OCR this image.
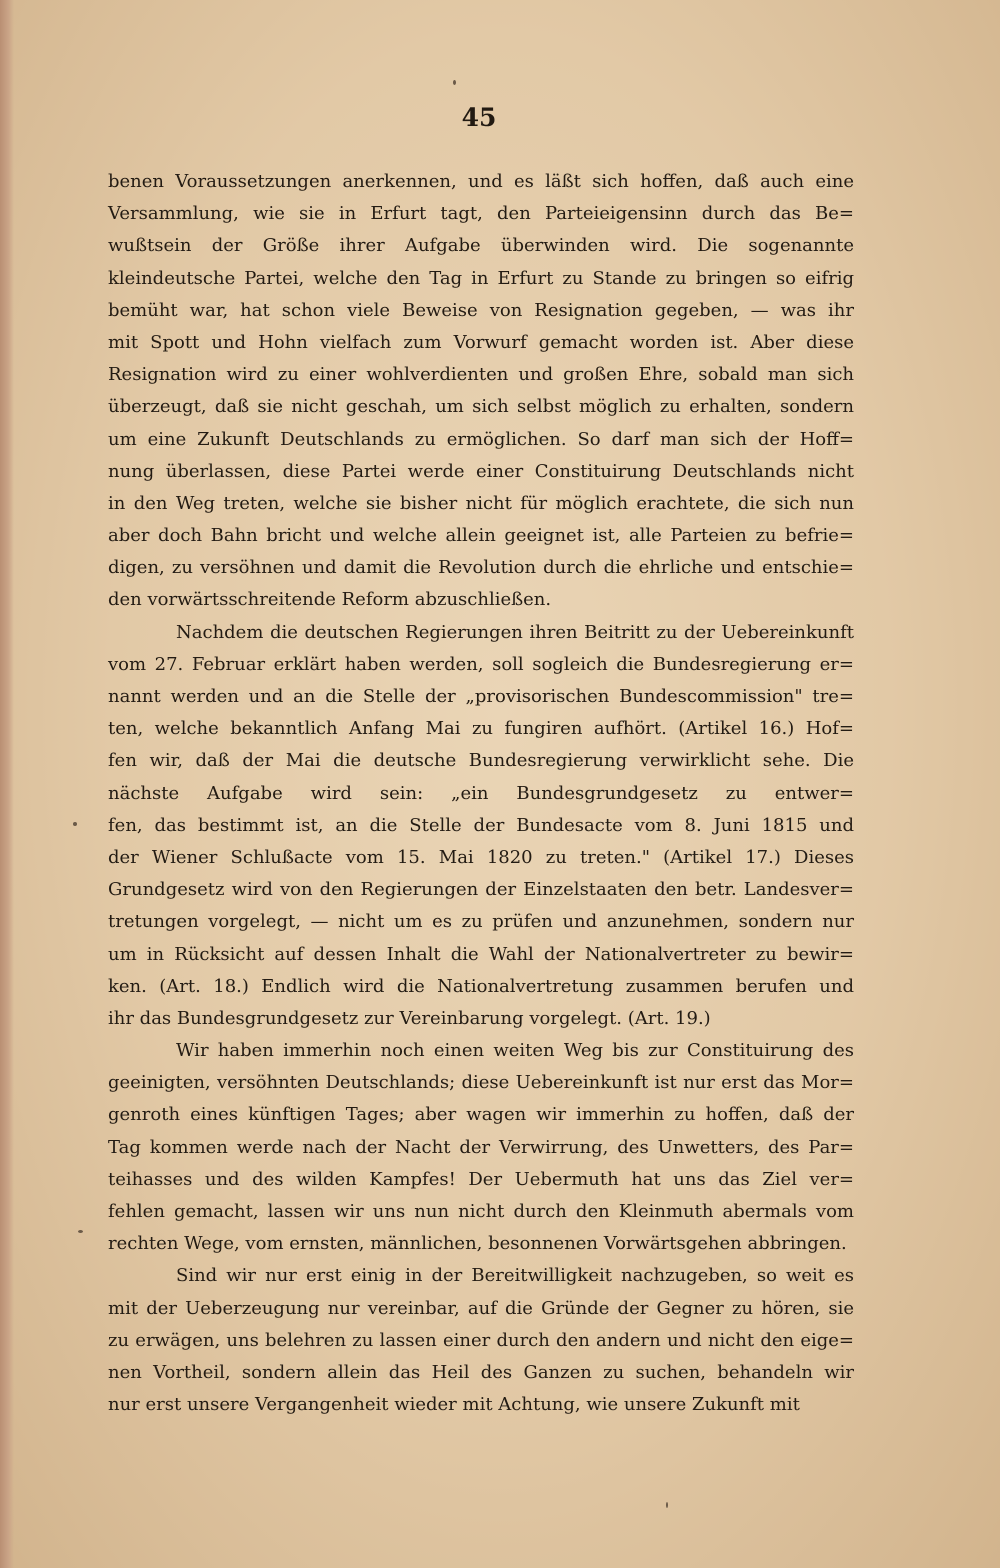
45
benen Voraussetzungen anerkennen, und es läßt sich hoffen, daß auch eine
Versammlung, wie sie in Erfurt tagt, den Parteieigensinn durch das Be=
wußtsein der Größe ihrer Aufgabe überwinden wird. Die sogenannte
kleindeutsche Partei, welche den Tag in Erfurt zu Stande zu bringen so eifrig
bemüht war, hat schon viele Beweise von Resignation gegeben, — was ihr
mit Spott und Hohn vielfach zum Vorwurf gemacht worden ist. Aber diese
Resignation wird zu einer wohlverdienten und großen Ehre, sobald man sich
überzeugt, daß sie nicht geschah, um sich selbst möglich zu erhalten, sondern
um eine Zukunft Deutschlands zu ermöglichen. So darf man sich der Hoff=
nung überlassen, diese Partei werde einer Constituirung Deutschlands nicht
in den Weg treten, welche sie bisher nicht für möglich erachtete, die sich nun
aber doch Bahn bricht und welche allein geeignet ist, alle Parteien zu befrie=
digen, zu versöhnen und damit die Revolution durch die ehrliche und entschie=
den vorwärtsschreitende Reform abzuschließen.
Nachdem die deutschen Regierungen ihren Beitritt zu der Uebereinkunft
vom 27. Februar erklärt haben werden, soll sogleich die Bundesregierung er=
nannt werden und an die Stelle der „provisorischen Bundescommission" tre=
ten, welche bekanntlich Anfang Mai zu fungiren aufhört. (Artikel 16.) Hof=
fen wir, daß der Mai die deutsche Bundesregierung verwirklicht sehe. Die
nächste Aufgabe wird sein: „ein Bundesgrundgesetz zu entwer=
fen, das bestimmt ist, an die Stelle der Bundesacte vom 8. Juni 1815 und
der Wiener Schlußacte vom 15. Mai 1820 zu treten." (Artikel 17.) Dieses
Grundgesetz wird von den Regierungen der Einzelstaaten den betr. Landesver=
tretungen vorgelegt, — nicht um es zu prüfen und anzunehmen, sondern nur
um in Rücksicht auf dessen Inhalt die Wahl der Nationalvertreter zu bewir=
ken. (Art. 18.) Endlich wird die Nationalvertretung zusammen berufen und
ihr das Bundesgrundgesetz zur Vereinbarung vorgelegt. (Art. 19.)
Wir haben immerhin noch einen weiten Weg bis zur Constituirung des
geeinigten, versöhnten Deutschlands; diese Uebereinkunft ist nur erst das Mor=
genroth eines künftigen Tages; aber wagen wir immerhin zu hoffen, daß der
Tag kommen werde nach der Nacht der Verwirrung, des Unwetters, des Par=
teihasses und des wilden Kampfes! Der Uebermuth hat uns das Ziel ver=
fehlen gemacht, lassen wir uns nun nicht durch den Kleinmuth abermals vom
rechten Wege, vom ernsten, männlichen, besonnenen Vorwärtsgehen abbringen.
Sind wir nur erst einig in der Bereitwilligkeit nachzugeben, so weit es
mit der Ueberzeugung nur vereinbar, auf die Gründe der Gegner zu hören, sie
zu erwägen, uns belehren zu lassen einer durch den andern und nicht den eige=
nen Vortheil, sondern allein das Heil des Ganzen zu suchen, behandeln wir
nur erst unsere Vergangenheit wieder mit Achtung, wie unsere Zukunft mit
